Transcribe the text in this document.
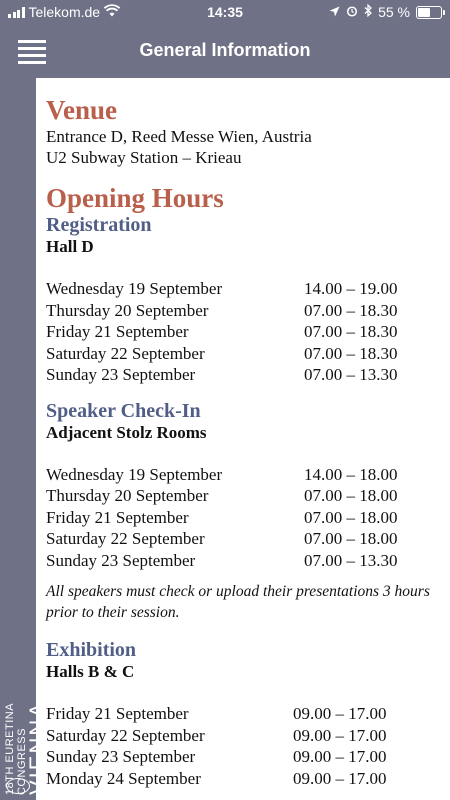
Telekom.de	14:35	55 %
General Information
18TH EURETINA CONGRESS
VIENNA
Venue

Entrance D, Reed Messe Wien, Austria

U2 Subway Station – Krieau

Opening Hours
Registration

Hall D

Wednesday 19 September	14.00 – 19.00
Thursday 20 September	07.00 – 18.30
Friday 21 September	07.00 – 18.30
Saturday 22 September	07.00 – 18.30
Sunday 23 September	07.00 – 13.30
Speaker Check-In

Adjacent Stolz Rooms

Wednesday 19 September	14.00 – 18.00
Thursday 20 September	07.00 – 18.00
Friday 21 September	07.00 – 18.00
Saturday 22 September	07.00 – 18.00
Sunday 23 September	07.00 – 13.30

All speakers must check or upload their presentations 3 hours prior to their session.

Exhibition

Halls B & C

Friday 21 September	09.00 – 17.00
Saturday 22 September	09.00 – 17.00
Sunday 23 September	09.00 – 17.00
Monday 24 September	09.00 – 17.00
